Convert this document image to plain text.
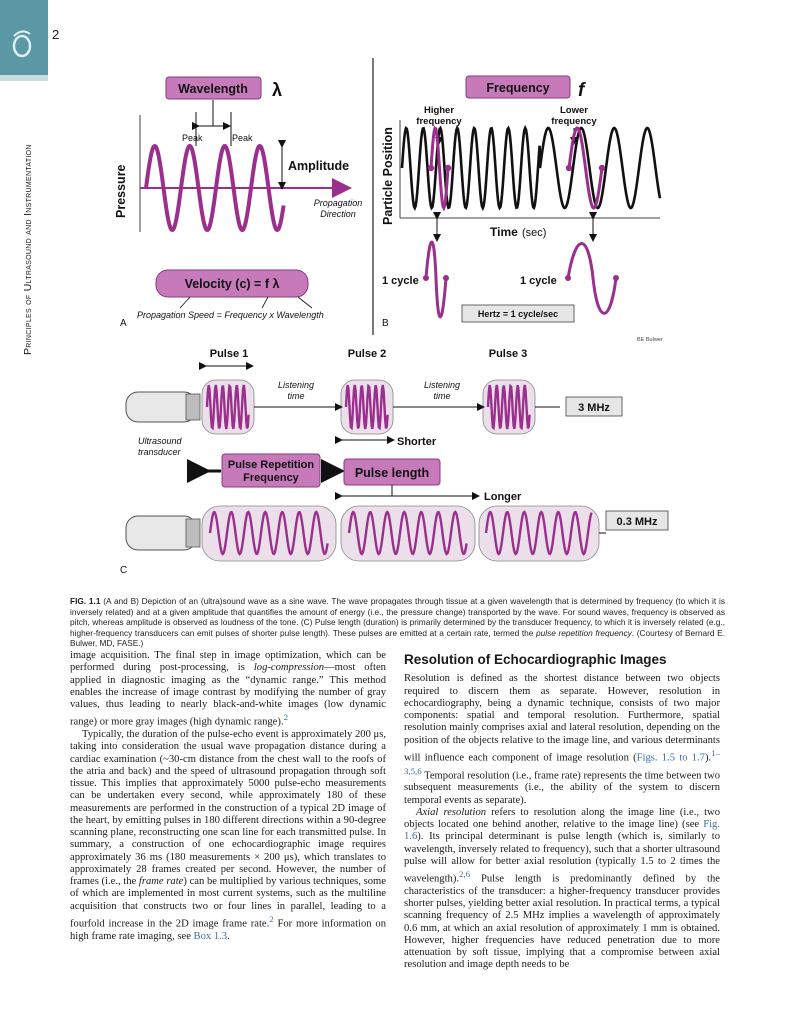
2
Principles of Ultrasound and Instrumentation
Wavelength λ
Peak	Peak
Amplitude
Pressure	Propagation
Direction
Velocity (c) = f λ
Propagation Speed = Frequency x Wavelength
A
Frequency f
Higher
frequency
Lower
frequency
Particle Position
Time (sec)
1 cycle	1 cycle
Hertz = 1 cycle/sec
B
BE Bulwer
Pulse 1	Pulse 2	Pulse 3
Ultrasound
transducer
Listening
time
Listening
time
3 MHz
Shorter
Pulse Repetition
Frequency	Pulse length
Longer
0.3 MHz
C
FIG. 1.1 (A and B) Depiction of an (ultra)sound wave as a sine wave. The wave propagates through tissue at a given wavelength that is determined by frequency (to which it is inversely related) and at a given amplitude that quantifies the amount of energy (i.e., the pressure change) transported by the wave. For sound waves, frequency is observed as pitch, whereas amplitude is observed as loudness of the tone. (C) Pulse length (duration) is primarily determined by the transducer frequency, to which it is inversely related (e.g., higher-frequency transducers can emit pulses of shorter pulse length). These pulses are emitted at a certain rate, termed the pulse repetition frequency. (Courtesy of Bernard E. Bulwer, MD, FASE.)

image acquisition. The final step in image optimization, which can be performed during post-processing, is log-compression—most often applied in diagnostic imaging as the “dynamic range.” This method enables the increase of image contrast by modifying the number of gray values, thus leading to nearly black-and-white images (low dynamic range) or more gray images (high dynamic range).$^2$

Typically, the duration of the pulse-echo event is approximately 200 μs, taking into consideration the usual wave propagation distance during a cardiac examination (~30-cm distance from the chest wall to the roofs of the atria and back) and the speed of ultrasound propagation through soft tissue. This implies that approximately 5000 pulse-echo measurements can be undertaken every second, while approximately 180 of these measurements are performed in the construction of a typical 2D image of the heart, by emitting pulses in 180 different directions within a 90-degree scanning plane, reconstructing one scan line for each transmitted pulse. In summary, a construction of one echocardiographic image requires approximately 36 ms (180 measurements × 200 μs), which translates to approximately 28 frames created per second. However, the number of frames (i.e., the frame rate) can be multiplied by various techniques, some of which are implemented in most current systems, such as the multiline acquisition that constructs two or four lines in parallel, leading to a fourfold increase in the 2D image frame rate.$^2$ For more information on high frame rate imaging, see Box 1.3.

Resolution of Echocardiographic Images

Resolution is defined as the shortest distance between two objects required to discern them as separate. However, resolution in echocardiography, being a dynamic technique, consists of two major components: spatial and temporal resolution. Furthermore, spatial resolution mainly comprises axial and lateral resolution, depending on the position of the objects relative to the image line, and various determinants will influence each component of image resolution (Figs. 1.5 to 1.7).$^{1-3,5,6}$ Temporal resolution (i.e., frame rate) represents the time between two subsequent measurements (i.e., the ability of the system to discern temporal events as separate).

Axial resolution refers to resolution along the image line (i.e., two objects located one behind another, relative to the image line) (see Fig. 1.6). Its principal determinant is pulse length (which is, similarly to wavelength, inversely related to frequency), such that a shorter ultrasound pulse will allow for better axial resolution (typically 1.5 to 2 times the wavelength).$^{2,6}$ Pulse length is predominantly defined by the characteristics of the transducer: a higher-frequency transducer provides shorter pulses, yielding better axial resolution. In practical terms, a typical scanning frequency of 2.5 MHz implies a wavelength of approximately 0.6 mm, at which an axial resolution of approximately 1 mm is obtained. However, higher frequencies have reduced penetration due to more attenuation by soft tissue, implying that a compromise between axial resolution and image depth needs to be
